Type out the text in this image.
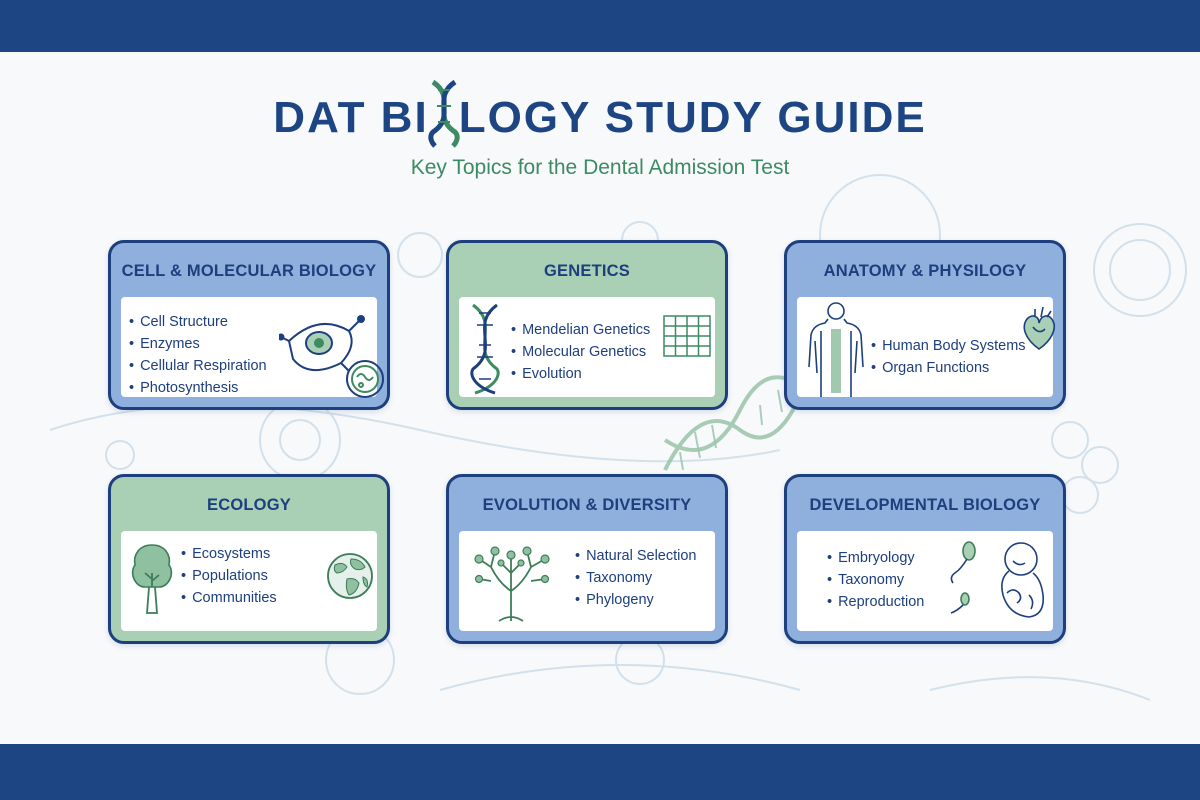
DAT BI LOGY STUDY GUIDE

Key Topics for the Dental Admission Test

CELL & MOLECULAR BIOLOGY
• Cell Structure
• Enzymes
• Cellular Respiration
• Photosynthesis
GENETICS
• Mendelian Genetics
• Molecular Genetics
• Evolution
ANATOMY & PHYSILOGY
• Human Body Systems
• Organ Functions
ECOLOGY
• Ecosystems
• Populations
• Communities
EVOLUTION & DIVERSITY
• Natural Selection
• Taxonomy
• Phylogeny
DEVELOPMENTAL BIOLOGY
• Embryology
• Taxonomy
• Reproduction
